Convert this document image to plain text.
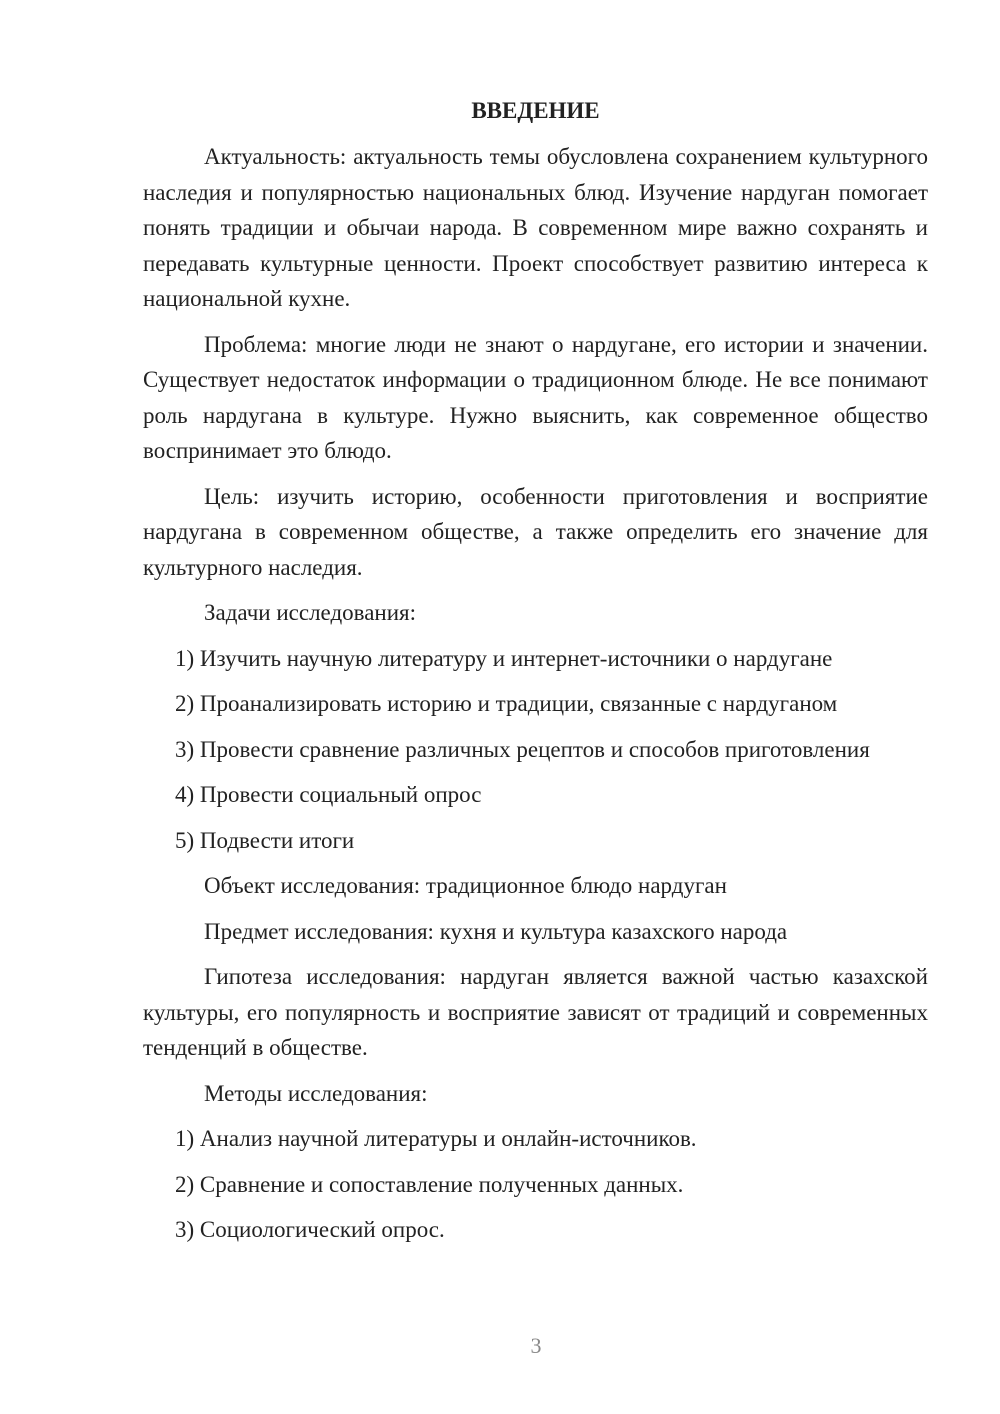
ВВЕДЕНИЕ
Актуальность: актуальность темы обусловлена сохранением культурного наследия и популярностью национальных блюд. Изучение нардуган помогает понять традиции и обычаи народа. В современном мире важно сохранять и передавать культурные ценности. Проект способствует развитию интереса к национальной кухне.
Проблема: многие люди не знают о нардугане, его истории и значении. Существует недостаток информации о традиционном блюде. Не все понимают роль нардугана в культуре. Нужно выяснить, как современное общество воспринимает это блюдо.
Цель: изучить историю, особенности приготовления и восприятие нардугана в современном обществе, а также определить его значение для культурного наследия.
Задачи исследования:
1) Изучить научную литературу и интернет-источники о нардугане
2) Проанализировать историю и традиции, связанные с нардуганом
3) Провести сравнение различных рецептов и способов приготовления
4) Провести социальный опрос
5) Подвести итоги
Объект исследования: традиционное блюдо нардуган
Предмет исследования: кухня и культура казахского народа
Гипотеза исследования: нардуган является важной частью казахской культуры, его популярность и восприятие зависят от традиций и современных тенденций в обществе.
Методы исследования:
1) Анализ научной литературы и онлайн-источников.
2) Сравнение и сопоставление полученных данных.
3) Социологический опрос.
3
